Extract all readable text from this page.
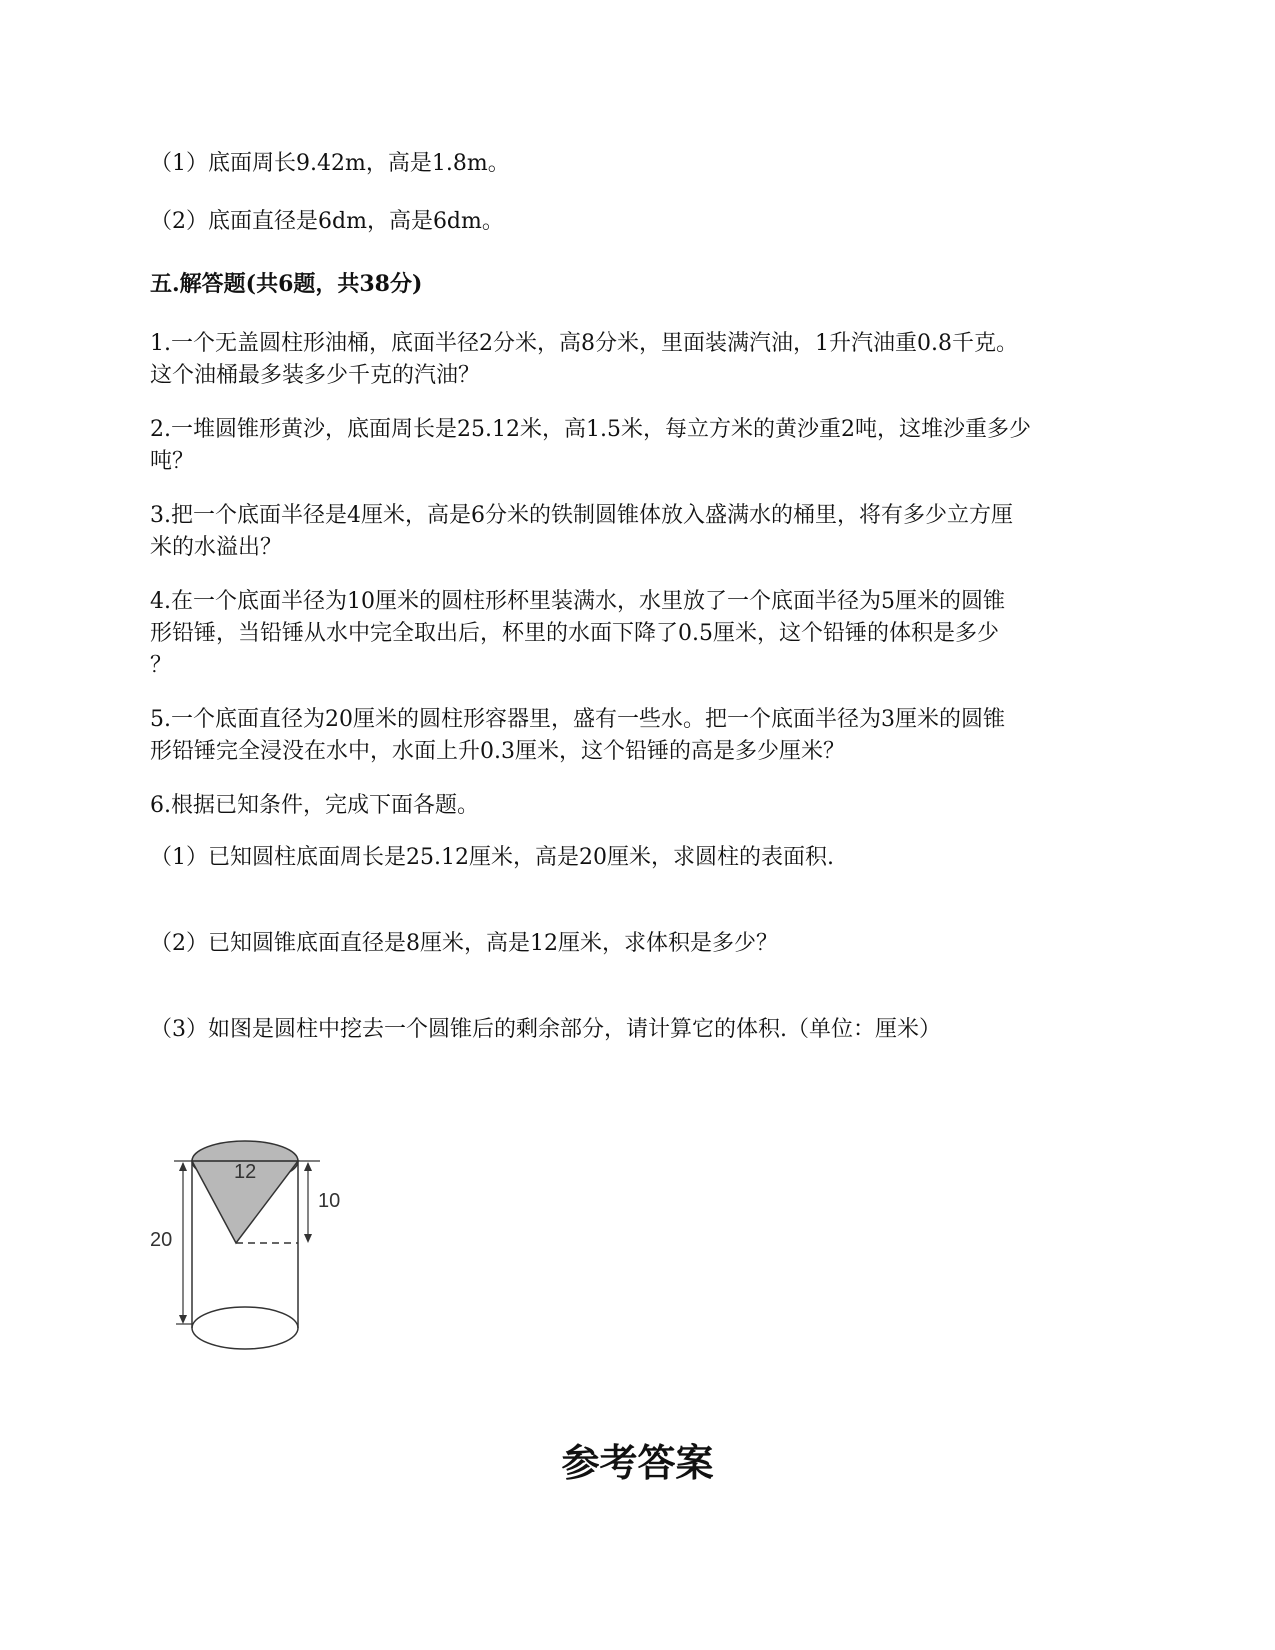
（1）底面周长9.42m，高是1.8m。
（2）底面直径是6dm，高是6dm。
五.解答题(共6题，共38分)
1.一个无盖圆柱形油桶，底面半径2分米，高8分米，里面装满汽油，1升汽油重0.8千克。
这个油桶最多装多少千克的汽油？
2.一堆圆锥形黄沙，底面周长是25.12米，高1.5米，每立方米的黄沙重2吨，这堆沙重多少
吨？
3.把一个底面半径是4厘米，高是6分米的铁制圆锥体放入盛满水的桶里，将有多少立方厘
米的水溢出？
4.在一个底面半径为10厘米的圆柱形杯里装满水，水里放了一个底面半径为5厘米的圆锥
形铅锤，当铅锤从水中完全取出后，杯里的水面下降了0.5厘米，这个铅锤的体积是多少
？
5.一个底面直径为20厘米的圆柱形容器里，盛有一些水。把一个底面半径为3厘米的圆锥
形铅锤完全浸没在水中，水面上升0.3厘米，这个铅锤的高是多少厘米？
6.根据已知条件，完成下面各题。
（1）已知圆柱底面周长是25.12厘米，高是20厘米，求圆柱的表面积.
（2）已知圆锥底面直径是8厘米，高是12厘米，求体积是多少？
（3）如图是圆柱中挖去一个圆锥后的剩余部分，请计算它的体积.（单位：厘米）
12
10
20
参考答案
